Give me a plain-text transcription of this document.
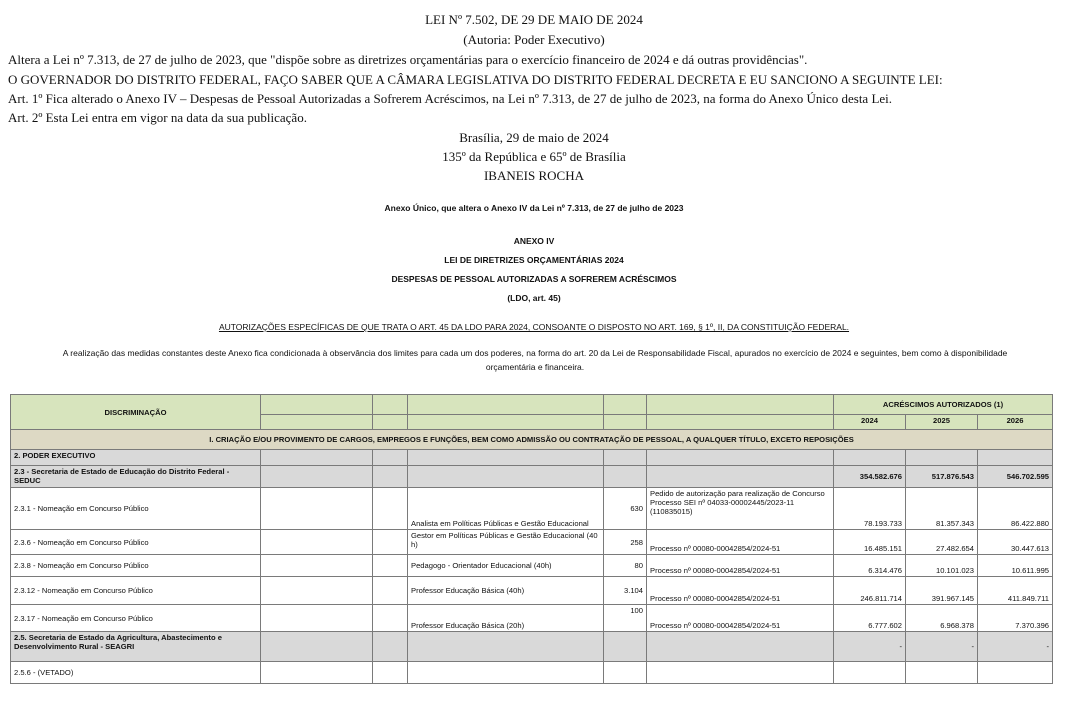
LEI Nº 7.502, DE 29 DE MAIO DE 2024
(Autoria: Poder Executivo)
Altera a Lei nº 7.313, de 27 de julho de 2023, que "dispõe sobre as diretrizes orçamentárias para o exercício financeiro de 2024 e dá outras providências".
O GOVERNADOR DO DISTRITO FEDERAL, FAÇO SABER QUE A CÂMARA LEGISLATIVA DO DISTRITO FEDERAL DECRETA E EU SANCIONO A SEGUINTE LEI:
Art. 1º Fica alterado o Anexo IV – Despesas de Pessoal Autorizadas a Sofrerem Acréscimos, na Lei nº 7.313, de 27 de julho de 2023, na forma do Anexo Único desta Lei.
Art. 2º Esta Lei entra em vigor na data da sua publicação.
Brasília, 29 de maio de 2024
135º da República e 65º de Brasília
IBANEIS ROCHA
Anexo Único, que altera o Anexo IV da Lei nº 7.313, de 27 de julho de 2023
ANEXO IV
LEI DE DIRETRIZES ORÇAMENTÁRIAS 2024
DESPESAS DE PESSOAL AUTORIZADAS A SOFREREM ACRÉSCIMOS
(LDO, art. 45)
AUTORIZAÇÕES ESPECÍFICAS DE QUE TRATA O ART. 45 DA LDO PARA 2024, CONSOANTE O DISPOSTO NO ART. 169, § 1º, II, DA CONSTITUIÇÃO FEDERAL.
A realização das medidas constantes deste Anexo fica condicionada à observância dos limites para cada um dos poderes, na forma do art. 20 da Lei de Responsabilidade Fiscal, apurados no exercício de 2024 e seguintes, bem como à disponibilidade orçamentária e financeira.
DISCRIMINAÇÃO						ACRÉSCIMOS AUTORIZADOS (1)		
						2024	2025	2026
I. CRIAÇÃO E/OU PROVIMENTO DE CARGOS, EMPREGOS E FUNÇÕES, BEM COMO ADMISSÃO OU CONTRATAÇÃO DE PESSOAL, A QUALQUER TÍTULO, EXCETO REPOSIÇÕES								
2. PODER EXECUTIVO								
2.3 - Secretaria de Estado de Educação do Distrito Federal - SEDUC						354.582.676	517.876.543	546.702.595
2.3.1 - Nomeação em Concurso Público			Analista em Políticas Públicas e Gestão Educacional	630	Pedido de autorização para realização de Concurso Processo SEI nº 04033-00002445/2023-11 (110835015)	78.193.733	81.357.343	86.422.880
2.3.6 - Nomeação em Concurso Público			Gestor em Políticas Públicas e Gestão Educacional (40 h)	258	Processo nº 00080-00042854/2024-51	16.485.151	27.482.654	30.447.613
2.3.8 - Nomeação em Concurso Público			Pedagogo - Orientador Educacional (40h)	80	Processo nº 00080-00042854/2024-51	6.314.476	10.101.023	10.611.995
2.3.12 - Nomeação em Concurso Público			Professor Educação Básica (40h)	3.104	Processo nº 00080-00042854/2024-51	246.811.714	391.967.145	411.849.711
2.3.17 - Nomeação em Concurso Público			Professor Educação Básica (20h)	100	Processo nº 00080-00042854/2024-51	6.777.602	6.968.378	7.370.396
2.5. Secretaria de Estado da Agricultura, Abastecimento e Desenvolvimento Rural - SEAGRI						-	-	-
2.5.6 - (VETADO)								
